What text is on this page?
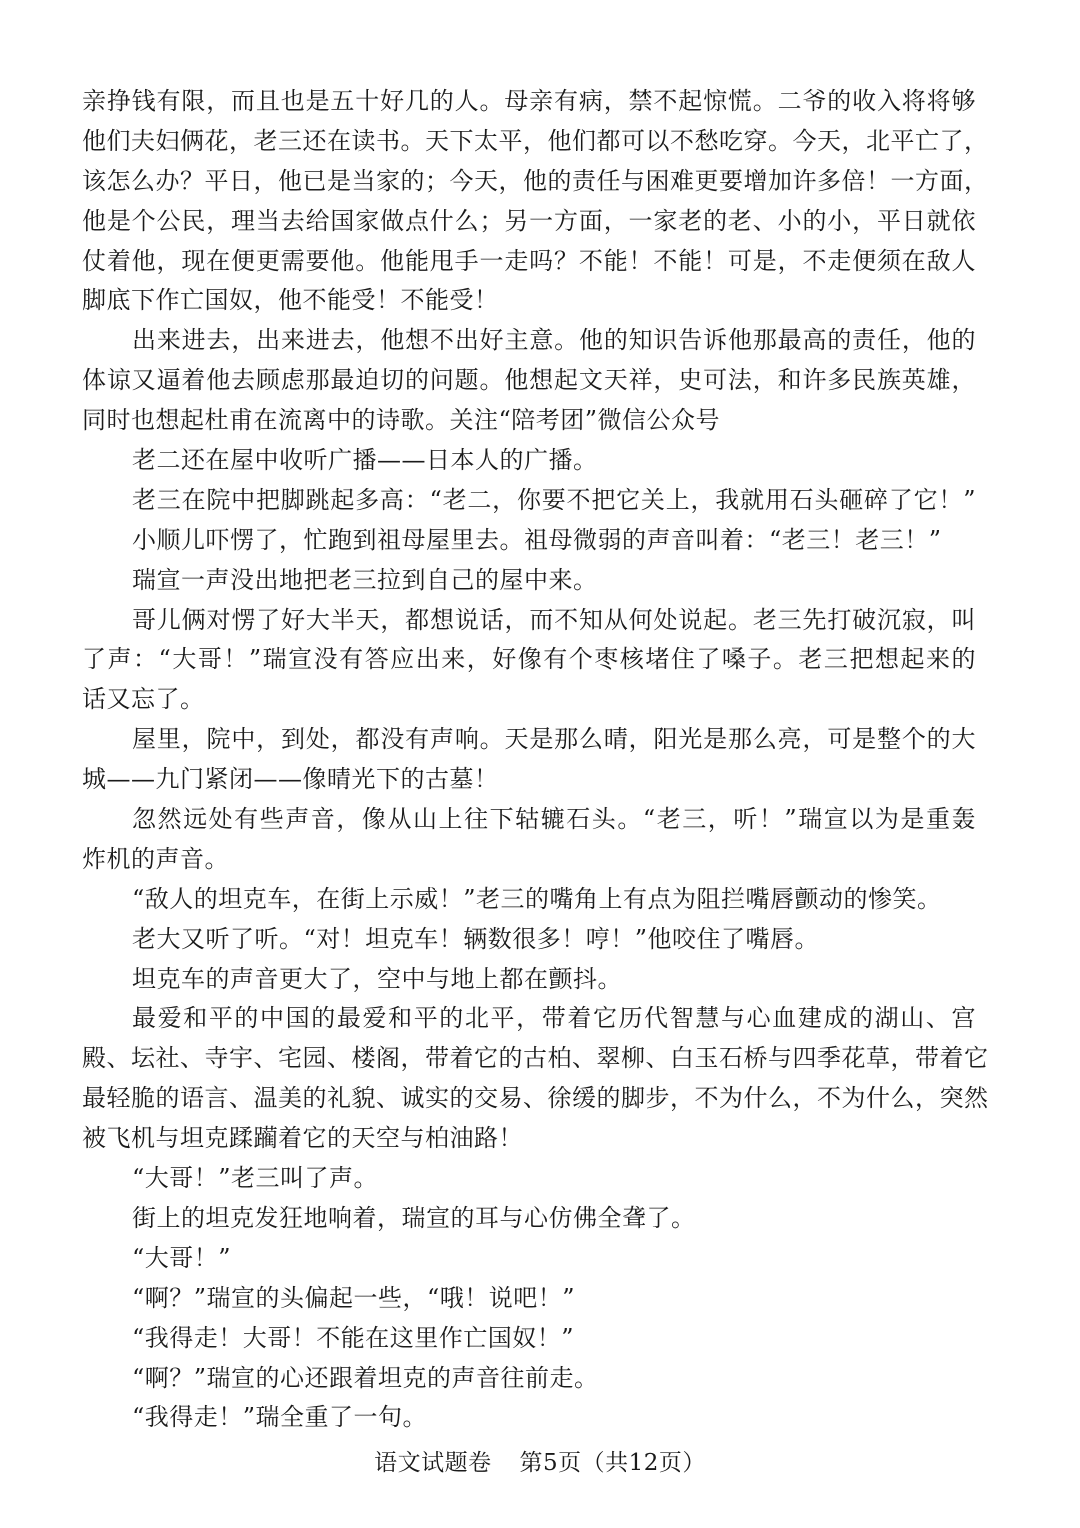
亲挣钱有限，而且也是五十好几的人。母亲有病，禁不起惊慌。二爷的收入将将够
他们夫妇俩花，老三还在读书。天下太平，他们都可以不愁吃穿。今天，北平亡了，
该怎么办？平日，他已是当家的；今天，他的责任与困难更要增加许多倍！一方面，
他是个公民，理当去给国家做点什么；另一方面，一家老的老、小的小，平日就依
仗着他，现在便更需要他。他能甩手一走吗？不能！不能！可是，不走便须在敌人
脚底下作亡国奴，他不能受！不能受！
出来进去，出来进去，他想不出好主意。他的知识告诉他那最高的责任，他的
体谅又逼着他去顾虑那最迫切的问题。他想起文天祥，史可法，和许多民族英雄，
同时也想起杜甫在流离中的诗歌。关注“陪考团”微信公众号
老二还在屋中收听广播——日本人的广播。
老三在院中把脚跳起多高：“老二，你要不把它关上，我就用石头砸碎了它！”
小顺儿吓愣了，忙跑到祖母屋里去。祖母微弱的声音叫着：“老三！老三！”
瑞宣一声没出地把老三拉到自己的屋中来。
哥儿俩对愣了好大半天，都想说话，而不知从何处说起。老三先打破沉寂，叫
了声：“大哥！”瑞宣没有答应出来，好像有个枣核堵住了嗓子。老三把想起来的
话又忘了。
屋里，院中，到处，都没有声响。天是那么晴，阳光是那么亮，可是整个的大
城——九门紧闭——像晴光下的古墓！
忽然远处有些声音，像从山上往下轱辘石头。“老三，听！”瑞宣以为是重轰
炸机的声音。
“敌人的坦克车，在街上示威！”老三的嘴角上有点为阻拦嘴唇颤动的惨笑。
老大又听了听。“对！坦克车！辆数很多！哼！”他咬住了嘴唇。
坦克车的声音更大了，空中与地上都在颤抖。
最爱和平的中国的最爱和平的北平，带着它历代智慧与心血建成的湖山、宫
殿、坛社、寺宇、宅园、楼阁，带着它的古柏、翠柳、白玉石桥与四季花草，带着它
最轻脆的语言、温美的礼貌、诚实的交易、徐缓的脚步，不为什么，不为什么，突然
被飞机与坦克蹂躏着它的天空与柏油路！
“大哥！”老三叫了声。
街上的坦克发狂地响着，瑞宣的耳与心仿佛全聋了。
“大哥！”
“啊？”瑞宣的头偏起一些，“哦！说吧！”
“我得走！大哥！不能在这里作亡国奴！”
“啊？”瑞宣的心还跟着坦克的声音往前走。
“我得走！”瑞全重了一句。
语文试题卷 第5页（共12页）
